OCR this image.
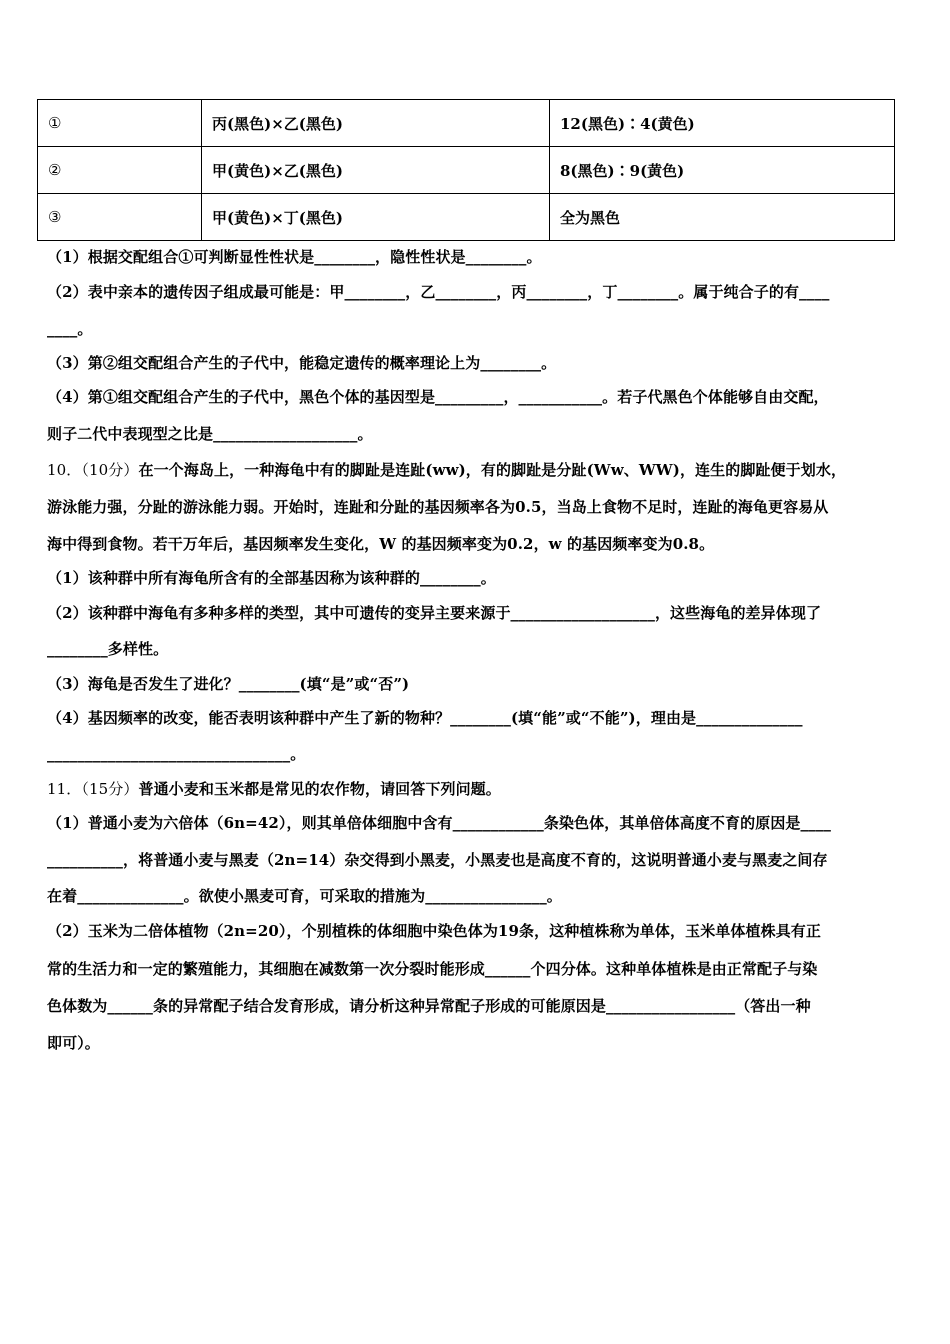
①	丙(黑色)×乙(黑色)	12(黑色)∶4(黄色)
②	甲(黄色)×乙(黑色)	8(黑色)∶9(黄色)
③	甲(黄色)×丁(黑色)	全为黑色
（1）根据交配组合①可判断显性性状是________，隐性性状是________。
（2）表中亲本的遗传因子组成最可能是：甲________，乙________，丙________，丁________。属于纯合子的有____
____。
（3）第②组交配组合产生的子代中，能稳定遗传的概率理论上为________。
（4）第①组交配组合产生的子代中，黑色个体的基因型是_________，___________。若子代黑色个体能够自由交配，
则子二代中表现型之比是___________________。
10．（10分）在一个海岛上，一种海龟中有的脚趾是连趾(ww)，有的脚趾是分趾(Ww、WW)，连生的脚趾便于划水，
游泳能力强，分趾的游泳能力弱。开始时，连趾和分趾的基因频率各为0.5，当岛上食物不足时，连趾的海龟更容易从
海中得到食物。若干万年后，基因频率发生变化，W 的基因频率变为0.2，w 的基因频率变为0.8。
（1）该种群中所有海龟所含有的全部基因称为该种群的________。
（2）该种群中海龟有多种多样的类型，其中可遗传的变异主要来源于___________________，这些海龟的差异体现了
________多样性。
（3）海龟是否发生了进化？________(填“是”或“否”)
（4）基因频率的改变，能否表明该种群中产生了新的物种？________(填“能”或“不能”)，理由是______________
________________________________。
11．（15分）普通小麦和玉米都是常见的农作物，请回答下列问题。
（1）普通小麦为六倍体（6n=42），则其单倍体细胞中含有____________条染色体，其单倍体高度不育的原因是____
__________，将普通小麦与黑麦（2n=14）杂交得到小黑麦，小黑麦也是高度不育的，这说明普通小麦与黑麦之间存
在着______________。欲使小黑麦可育，可采取的措施为________________。
（2）玉米为二倍体植物（2n=20），个别植株的体细胞中染色体为19条，这种植株称为单体，玉米单体植株具有正
常的生活力和一定的繁殖能力，其细胞在减数第一次分裂时能形成______个四分体。这种单体植株是由正常配子与染
色体数为______条的异常配子结合发育形成，请分析这种异常配子形成的可能原因是_________________（答出一种
即可）。
